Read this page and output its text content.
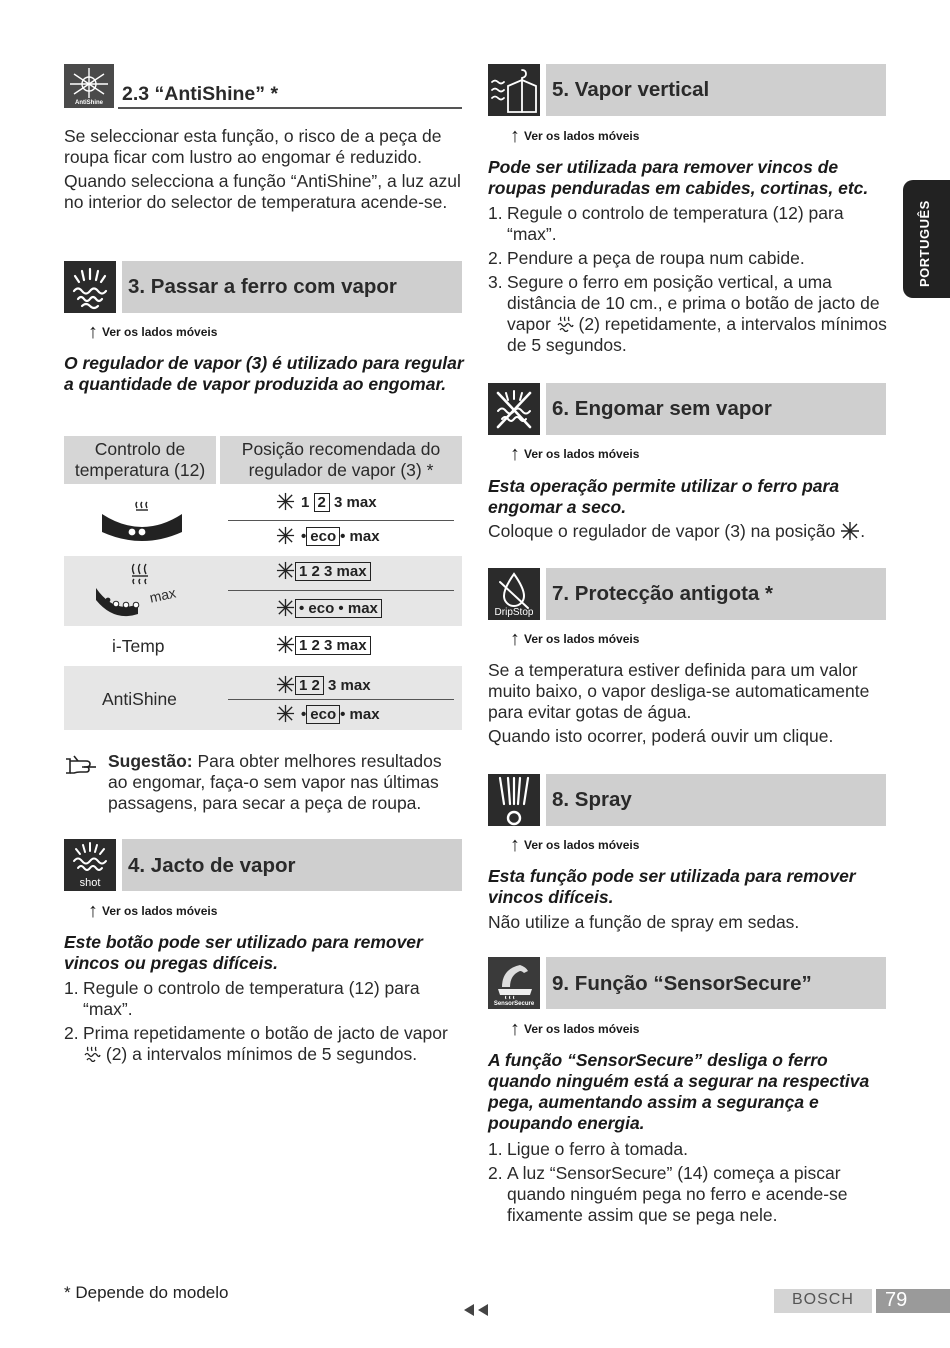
PORTUGUÊS
AntiShine 2.3 “AntiShine” *

Se seleccionar esta função, o risco de a peça de roupa ficar com lustro ao engomar é reduzido.

Quando selecciona a função “AntiShine”, a luz azul no interior do selector de temperatura acende-se.

3. Passar a ferro com vapor
↑ Ver os lados móveis
O regulador de vapor (3) é utilizado para regular a quantidade de vapor produzida ao engomar.
Controlo de temperatura (12)
Posição recomendada do regulador de vapor (3) *
1 2 3 max
• eco • max
max
1 2 3 max
• eco • max
i-Temp	1 2 3 max
AntiShine
1 2 3 max
• eco • max
Sugestão: Para obter melhores resultados ao engomar, faça-o sem vapor nas últimas passagens, para secar a peça de roupa.
shot
4. Jacto de vapor
↑ Ver os lados móveis
Este botão pode ser utilizado para remover vincos ou pregas difíceis.
1. Regule o controlo de temperatura (12) para “max”.
2. Prima repetidamente o botão de jacto de vapor
(2) a intervalos mínimos de 5 segundos.
5. Vapor vertical
↑ Ver os lados móveis
Pode ser utilizada para remover vincos de roupas penduradas em cabides, cortinas, etc.
1. Regule o controlo de temperatura (12) para “max”.
2. Pendure a peça de roupa num cabide.
3. Segure o ferro em posição vertical, a uma distância de 10 cm., e prima o botão de jacto de vapor (2) repetidamente, a intervalos mínimos de 5 segundos.
6. Engomar sem vapor
↑ Ver os lados móveis
Esta operação permite utilizar o ferro para engomar a seco.
Coloque o regulador de vapor (3) na posição .
DripStop
7. Protecção antigota *
↑ Ver os lados móveis

Se a temperatura estiver definida para um valor muito baixo, o vapor desliga-se automaticamente para evitar gotas de água.

Quando isto ocorrer, poderá ouvir um clique.

8. Spray
↑ Ver os lados móveis
Esta função pode ser utilizada para remover vincos difíceis.
Não utilize a função de spray em sedas.
SensorSecure
9. Função “SensorSecure”
↑ Ver os lados móveis
A função “SensorSecure” desliga o ferro quando ninguém está a segurar na respectiva pega, aumentando assim a segurança e poupando energia.
1. Ligue o ferro à tomada.
2. A luz “SensorSecure” (14) começa a piscar quando ninguém pega no ferro e acende-se fixamente assim que se pega nele.
* Depende do modelo	BOSCH 79
